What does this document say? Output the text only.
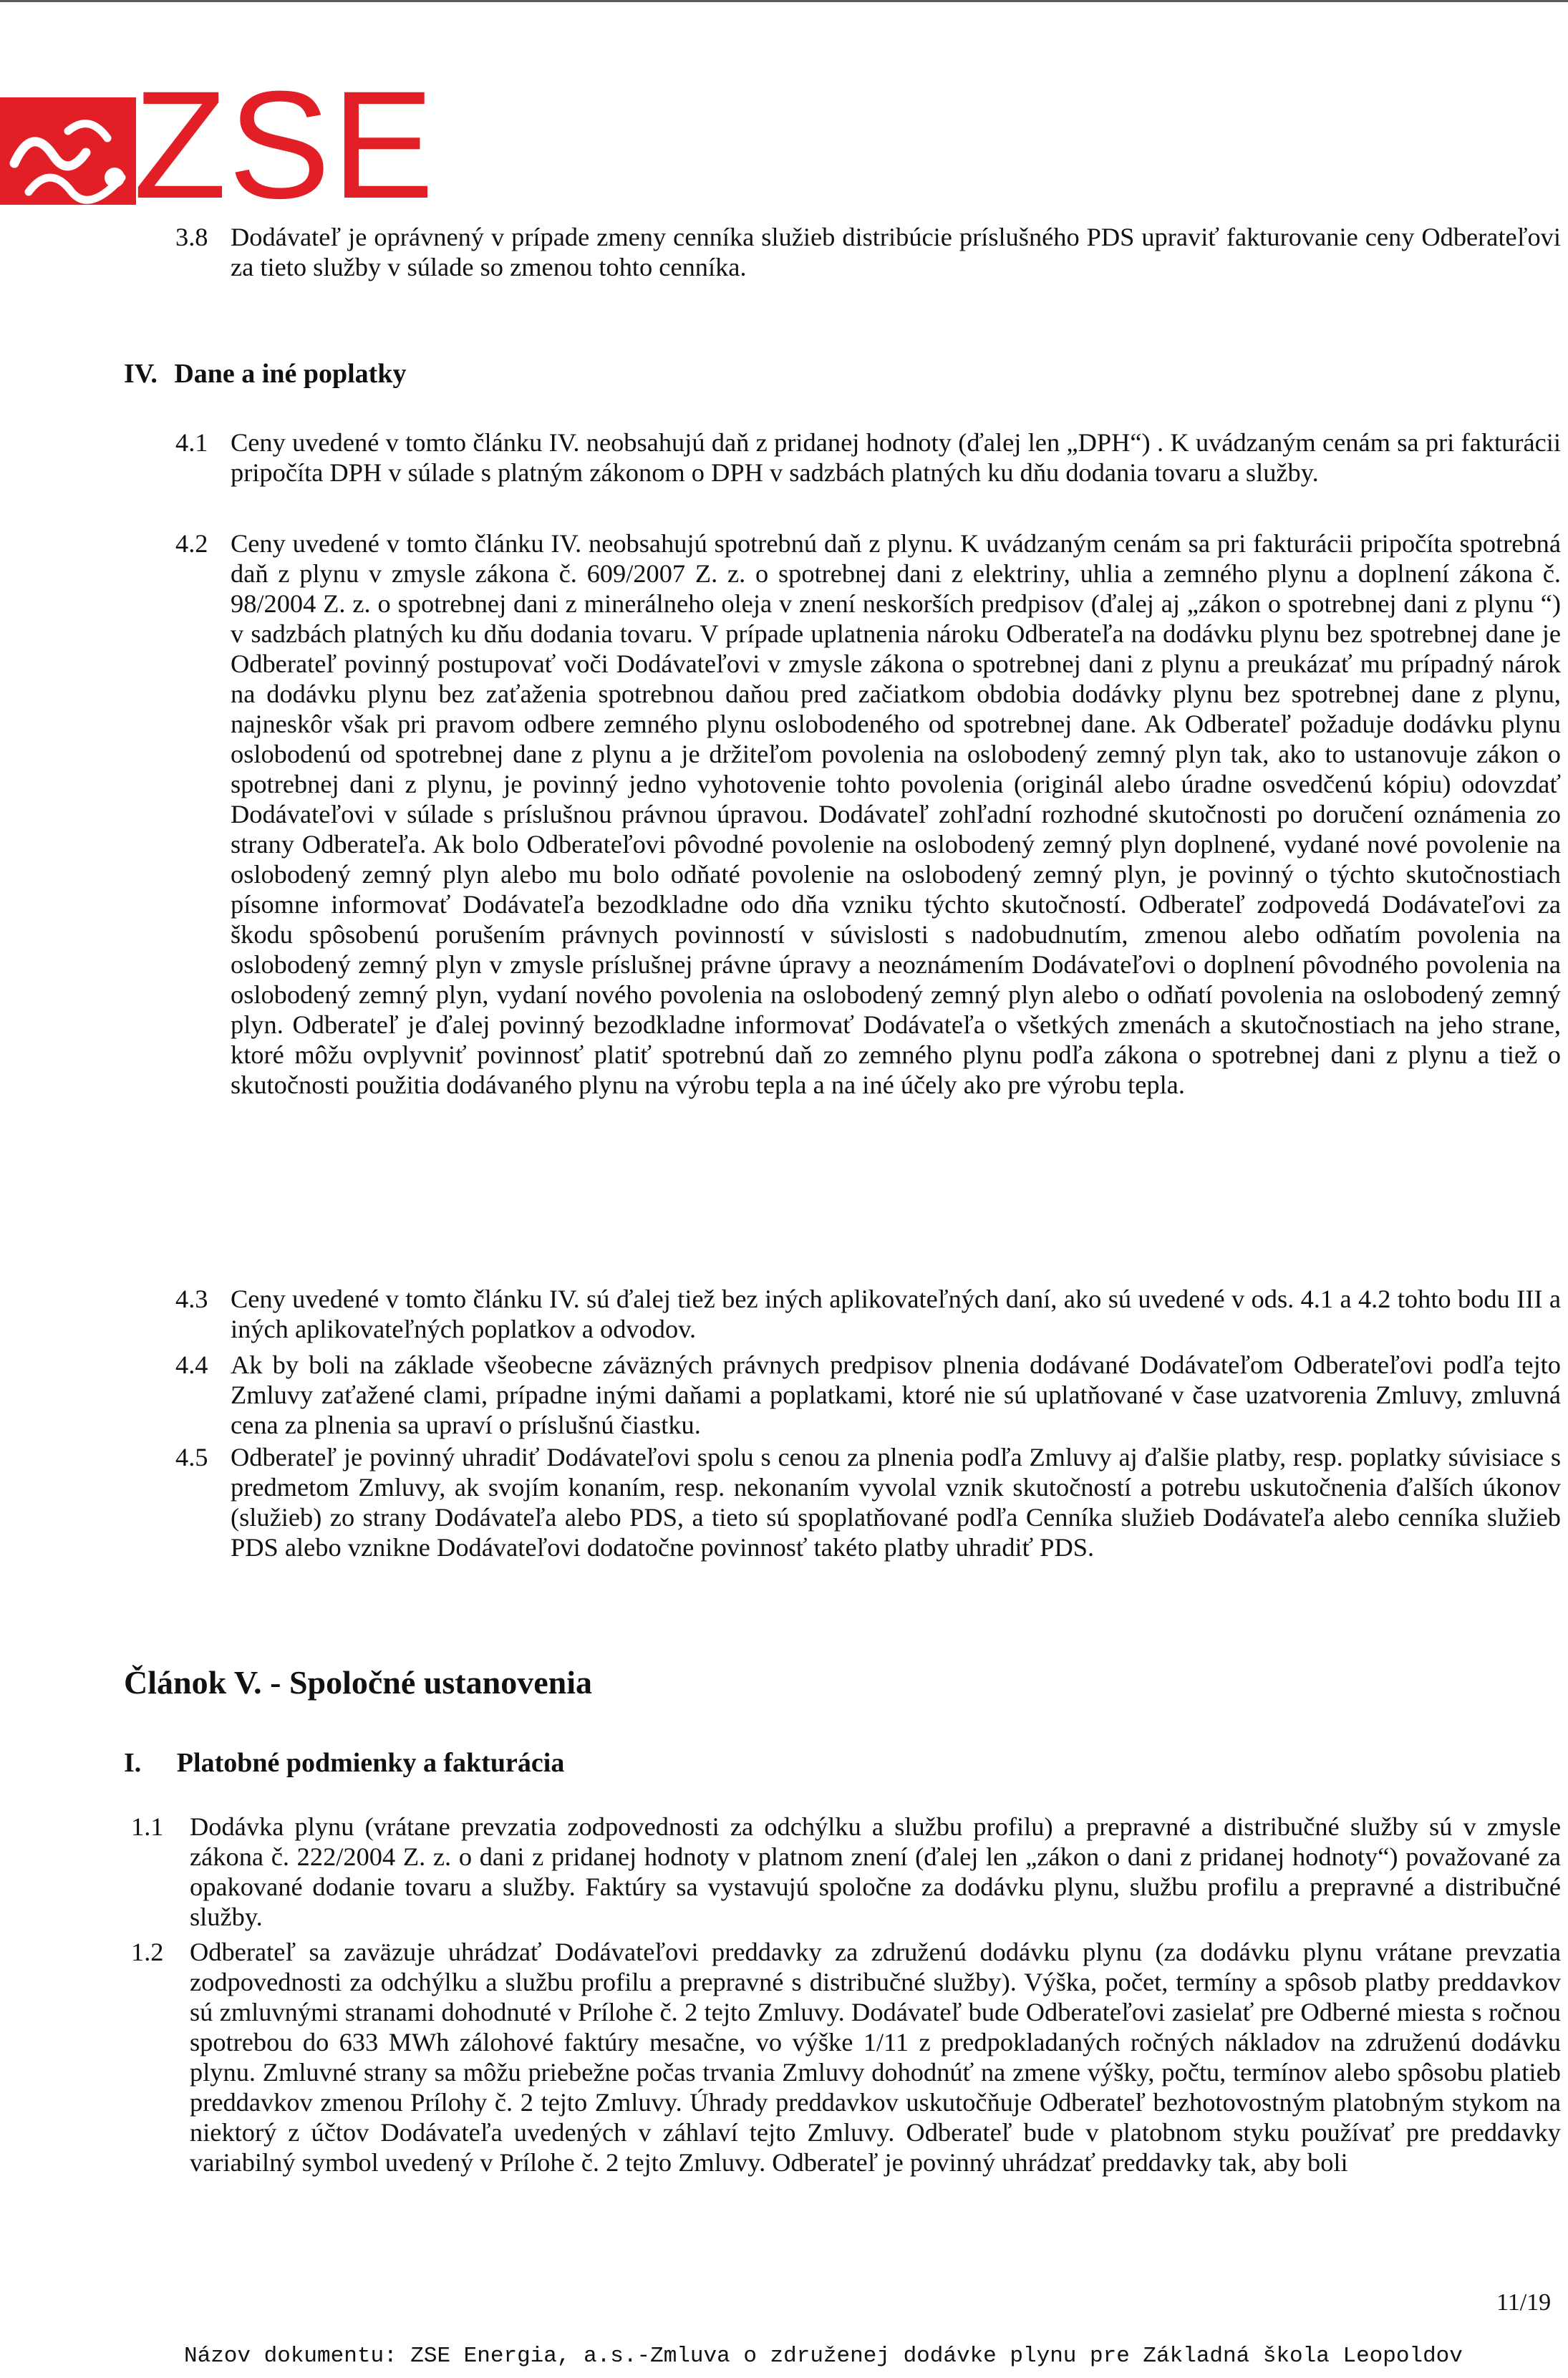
ZSE
3.8 Dodávateľ je oprávnený v prípade zmeny cenníka služieb distribúcie príslušného PDS upraviť fakturovanie ceny Odberateľovi za tieto služby v súlade so zmenou tohto cenníka.
IV. Dane a iné poplatky
4.1 Ceny uvedené v tomto článku IV. neobsahujú daň z pridanej hodnoty (ďalej len „DPH“) . K uvádzaným cenám sa pri fakturácii pripočíta DPH v súlade s platným zákonom o DPH v sadzbách platných ku dňu dodania tovaru a služby.
4.2 Ceny uvedené v tomto článku IV. neobsahujú spotrebnú daň z plynu. K uvádzaným cenám sa pri fakturácii pripočíta spotrebná daň z plynu v zmysle zákona č. 609/2007 Z. z. o spotrebnej dani z elektriny, uhlia a zemného plynu a doplnení zákona č. 98/2004 Z. z. o spotrebnej dani z minerálneho oleja v znení neskorších predpisov (ďalej aj „zákon o spotrebnej dani z plynu “) v sadzbách platných ku dňu dodania tovaru. V prípade uplatnenia nároku Odberateľa na dodávku plynu bez spotrebnej dane je Odberateľ povinný postupovať voči Dodávateľovi v zmysle zákona o spotrebnej dani z plynu a preukázať mu prípadný nárok na dodávku plynu bez zaťaženia spotrebnou daňou pred začiatkom obdobia dodávky plynu bez spotrebnej dane z plynu, najneskôr však pri pravom odbere zemného plynu oslobodeného od spotrebnej dane. Ak Odberateľ požaduje dodávku plynu oslobodenú od spotrebnej dane z plynu a je držiteľom povolenia na oslobodený zemný plyn tak, ako to ustanovuje zákon o spotrebnej dani z plynu, je povinný jedno vyhotovenie tohto povolenia (originál alebo úradne osvedčenú kópiu) odovzdať Dodávateľovi v súlade s príslušnou právnou úpravou. Dodávateľ zohľadní rozhodné skutočnosti po doručení oznámenia zo strany Odberateľa. Ak bolo Odberateľovi pôvodné povolenie na oslobodený zemný plyn doplnené, vydané nové povolenie na oslobodený zemný plyn alebo mu bolo odňaté povolenie na oslobodený zemný plyn, je povinný o týchto skutočnostiach písomne informovať Dodávateľa bezodkladne odo dňa vzniku týchto skutočností. Odberateľ zodpovedá Dodávateľovi za škodu spôsobenú porušením právnych povinností v súvislosti s nadobudnutím, zmenou alebo odňatím povolenia na oslobodený zemný plyn v zmysle príslušnej právne úpravy a neoznámením Dodávateľovi o doplnení pôvodného povolenia na oslobodený zemný plyn, vydaní nového povolenia na oslobodený zemný plyn alebo o odňatí povolenia na oslobodený zemný plyn. Odberateľ je ďalej povinný bezodkladne informovať Dodávateľa o všetkých zmenách a skutočnostiach na jeho strane, ktoré môžu ovplyvniť povinnosť platiť spotrebnú daň zo zemného plynu podľa zákona o spotrebnej dani z plynu a tiež o skutočnosti použitia dodávaného plynu na výrobu tepla a na iné účely ako pre výrobu tepla.
4.3 Ceny uvedené v tomto článku IV. sú ďalej tiež bez iných aplikovateľných daní, ako sú uvedené v ods. 4.1 a 4.2 tohto bodu III a iných aplikovateľných poplatkov a odvodov.
4.4 Ak by boli na základe všeobecne záväzných právnych predpisov plnenia dodávané Dodávateľom Odberateľovi podľa tejto Zmluvy zaťažené clami, prípadne inými daňami a poplatkami, ktoré nie sú uplatňované v čase uzatvorenia Zmluvy, zmluvná cena za plnenia sa upraví o príslušnú čiastku.
4.5 Odberateľ je povinný uhradiť Dodávateľovi spolu s cenou za plnenia podľa Zmluvy aj ďalšie platby, resp. poplatky súvisiace s predmetom Zmluvy, ak svojím konaním, resp. nekonaním vyvolal vznik skutočností a potrebu uskutočnenia ďalších úkonov (služieb) zo strany Dodávateľa alebo PDS, a tieto sú spoplatňované podľa Cenníka služieb Dodávateľa alebo cenníka služieb PDS alebo vznikne Dodávateľovi dodatočne povinnosť takéto platby uhradiť PDS.
Článok V. - Spoločné ustanovenia
I. Platobné podmienky a fakturácia
1.1 Dodávka plynu (vrátane prevzatia zodpovednosti za odchýlku a službu profilu) a prepravné a distribučné služby sú v zmysle zákona č. 222/2004 Z. z. o dani z pridanej hodnoty v platnom znení (ďalej len „zákon o dani z pridanej hodnoty“) považované za opakované dodanie tovaru a služby. Faktúry sa vystavujú spoločne za dodávku plynu, službu profilu a prepravné a distribučné služby.
1.2 Odberateľ sa zaväzuje uhrádzať Dodávateľovi preddavky za združenú dodávku plynu (za dodávku plynu vrátane prevzatia zodpovednosti za odchýlku a službu profilu a prepravné s distribučné služby). Výška, počet, termíny a spôsob platby preddavkov sú zmluvnými stranami dohodnuté v Prílohe č. 2 tejto Zmluvy. Dodávateľ bude Odberateľovi zasielať pre Odberné miesta s ročnou spotrebou do 633 MWh zálohové faktúry mesačne, vo výške 1/11 z predpokladaných ročných nákladov na združenú dodávku plynu. Zmluvné strany sa môžu priebežne počas trvania Zmluvy dohodnúť na zmene výšky, počtu, termínov alebo spôsobu platieb preddavkov zmenou Prílohy č. 2 tejto Zmluvy. Úhrady preddavkov uskutočňuje Odberateľ bezhotovostným platobným stykom na niektorý z účtov Dodávateľa uvedených v záhlaví tejto Zmluvy. Odberateľ bude v platobnom styku používať pre preddavky variabilný symbol uvedený v Prílohe č. 2 tejto Zmluvy. Odberateľ je povinný uhrádzať preddavky tak, aby boli
11/19
Názov dokumentu: ZSE Energia, a.s.-Zmluva o združenej dodávke plynu pre Základná škola Leopoldov
